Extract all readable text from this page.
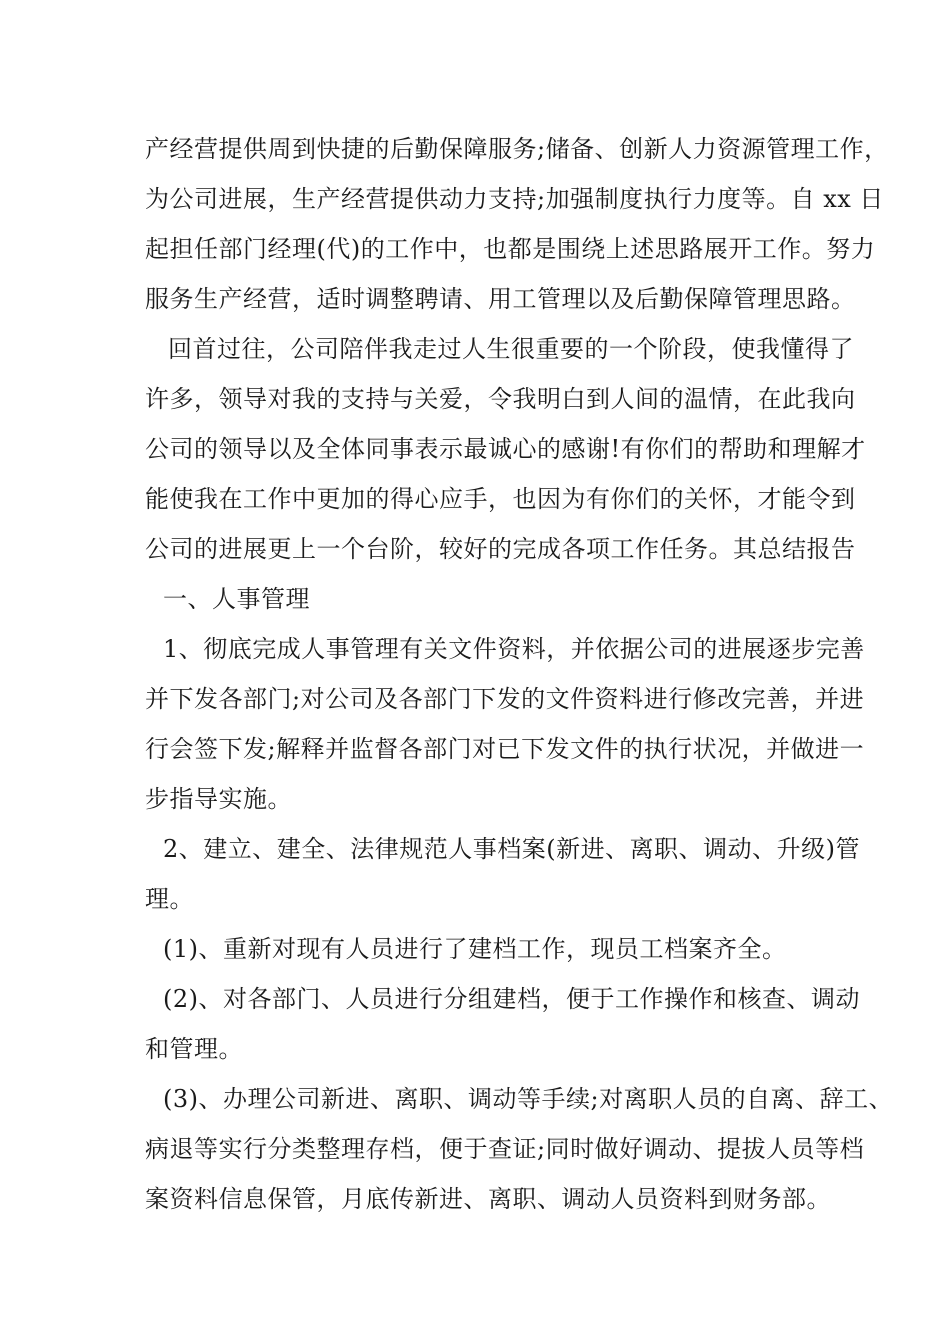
产经营提供周到快捷的后勤保障服务;储备、创新人力资源管理工作，
为公司进展，生产经营提供动力支持;加强制度执行力度等。自 xx 日
起担任部门经理(代)的工作中，也都是围绕上述思路展开工作。努力
服务生产经营，适时调整聘请、用工管理以及后勤保障管理思路。
回首过往，公司陪伴我走过人生很重要的一个阶段，使我懂得了
许多，领导对我的支持与关爱，令我明白到人间的温情，在此我向
公司的领导以及全体同事表示最诚心的感谢!有你们的帮助和理解才
能使我在工作中更加的得心应手，也因为有你们的关怀，才能令到
公司的进展更上一个台阶，较好的完成各项工作任务。其总结报告
一、人事管理
1、彻底完成人事管理有关文件资料，并依据公司的进展逐步完善
并下发各部门;对公司及各部门下发的文件资料进行修改完善，并进
行会签下发;解释并监督各部门对已下发文件的执行状况，并做进一
步指导实施。
2、建立、建全、法律规范人事档案(新进、离职、调动、升级)管
理。
(1)、重新对现有人员进行了建档工作，现员工档案齐全。
(2)、对各部门、人员进行分组建档，便于工作操作和核查、调动
和管理。
(3)、办理公司新进、离职、调动等手续;对离职人员的自离、辞工、
病退等实行分类整理存档，便于查证;同时做好调动、提拔人员等档
案资料信息保管，月底传新进、离职、调动人员资料到财务部。
